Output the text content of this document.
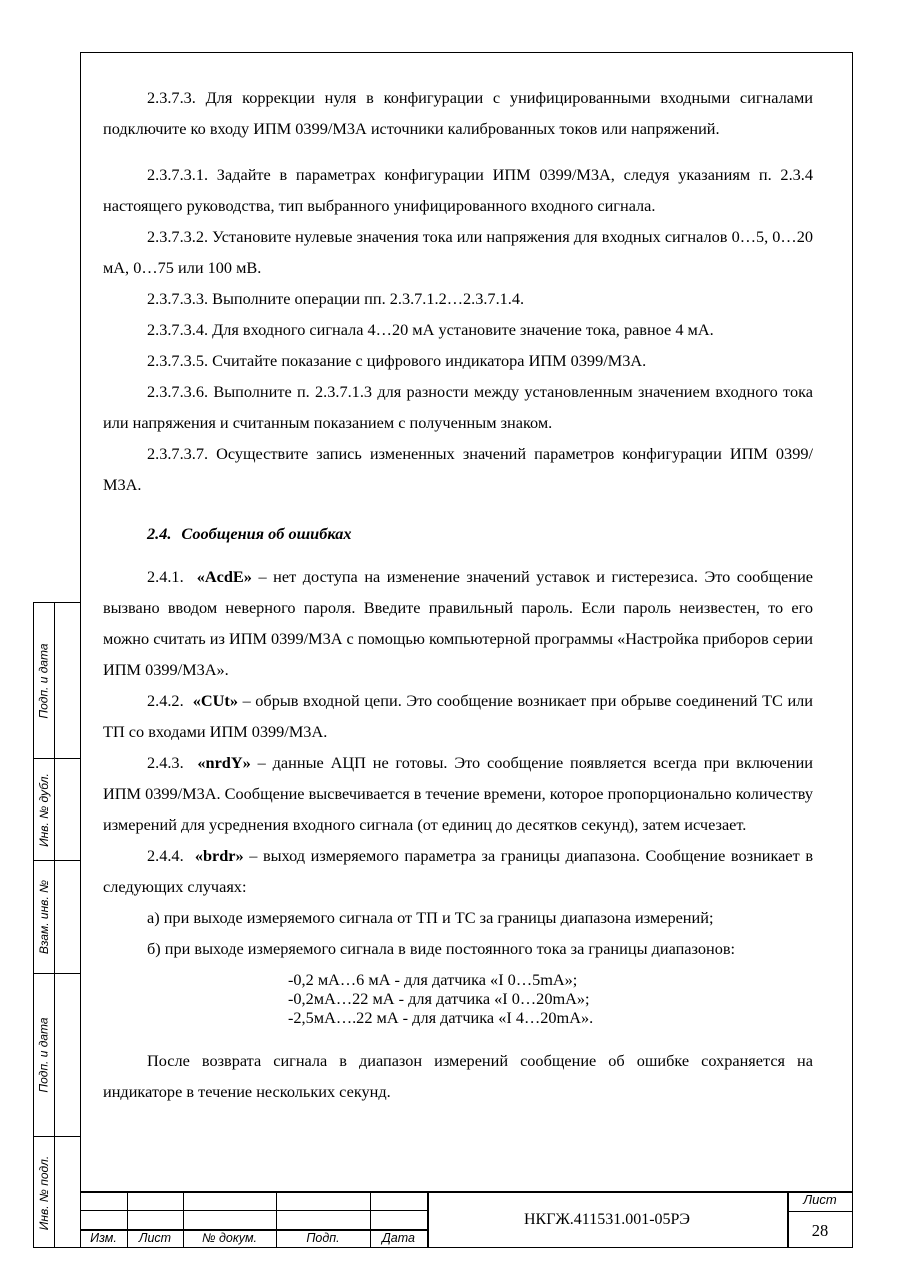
2.3.7.3. Для коррекции нуля в конфигурации с унифицированными входными сигналами подключите ко входу ИПМ 0399/М3А источники калиброванных токов или напряжений.

2.3.7.3.1. Задайте в параметрах конфигурации ИПМ 0399/М3А, следуя указаниям п. 2.3.4 настоящего руководства, тип выбранного унифицированного входного сигнала.

2.3.7.3.2. Установите нулевые значения тока или напряжения для входных сигналов 0…5, 0…20 мА, 0…75 или 100 мВ.

2.3.7.3.3. Выполните операции пп. 2.3.7.1.2…2.3.7.1.4.

2.3.7.3.4. Для входного сигнала 4…20 мА установите значение тока, равное 4 мА.

2.3.7.3.5. Считайте показание с цифрового индикатора ИПМ 0399/М3А.

2.3.7.3.6. Выполните п. 2.3.7.1.3 для разности между установленным значением входного тока или напряжения и считанным показанием с полученным знаком.

2.3.7.3.7. Осуществите запись измененных значений параметров конфигурации ИПМ 0399/М3А.

2.4. Сообщения об ошибках

2.4.1. «AcdE» – нет доступа на изменение значений уставок и гистерезиса. Это сообщение вызвано вводом неверного пароля. Введите правильный пароль. Если пароль неизвестен, то его можно считать из ИПМ 0399/М3А с помощью компьютерной программы «Настройка приборов серии ИПМ 0399/М3А».

2.4.2. «CUt» – обрыв входной цепи. Это сообщение возникает при обрыве соединений ТС или ТП со входами ИПМ 0399/М3А.

2.4.3. «nrdY» – данные АЦП не готовы. Это сообщение появляется всегда при включении ИПМ 0399/М3А. Сообщение высвечивается в течение времени, которое пропорционально количеству измерений для усреднения входного сигнала (от единиц до десятков секунд), затем исчезает.

2.4.4. «brdr» – выход измеряемого параметра за границы диапазона. Сообщение возникает в следующих случаях:

а) при выходе измеряемого сигнала от ТП и ТС за границы диапазона измерений;

б) при выходе измеряемого сигнала в виде постоянного тока за границы диапазонов:

-0,2 мА…6 мА - для датчика «I 0…5mA»;
-0,2мА…22 мА - для датчика «I 0…20mA»;
-2,5мА….22 мА - для датчика «I 4…20mA».

После возврата сигнала в диапазон измерений сообщение об ошибке сохраняется на индикаторе в течение нескольких секунд.

Подп. и дата
Инв. № дубл.
Взам. инв. №
Подп. и дата
Инв. № подл.
Изм.	Лист	№ докум.	Подп.	Дата
НКГЖ.411531.001-05РЭ
Лист
28
